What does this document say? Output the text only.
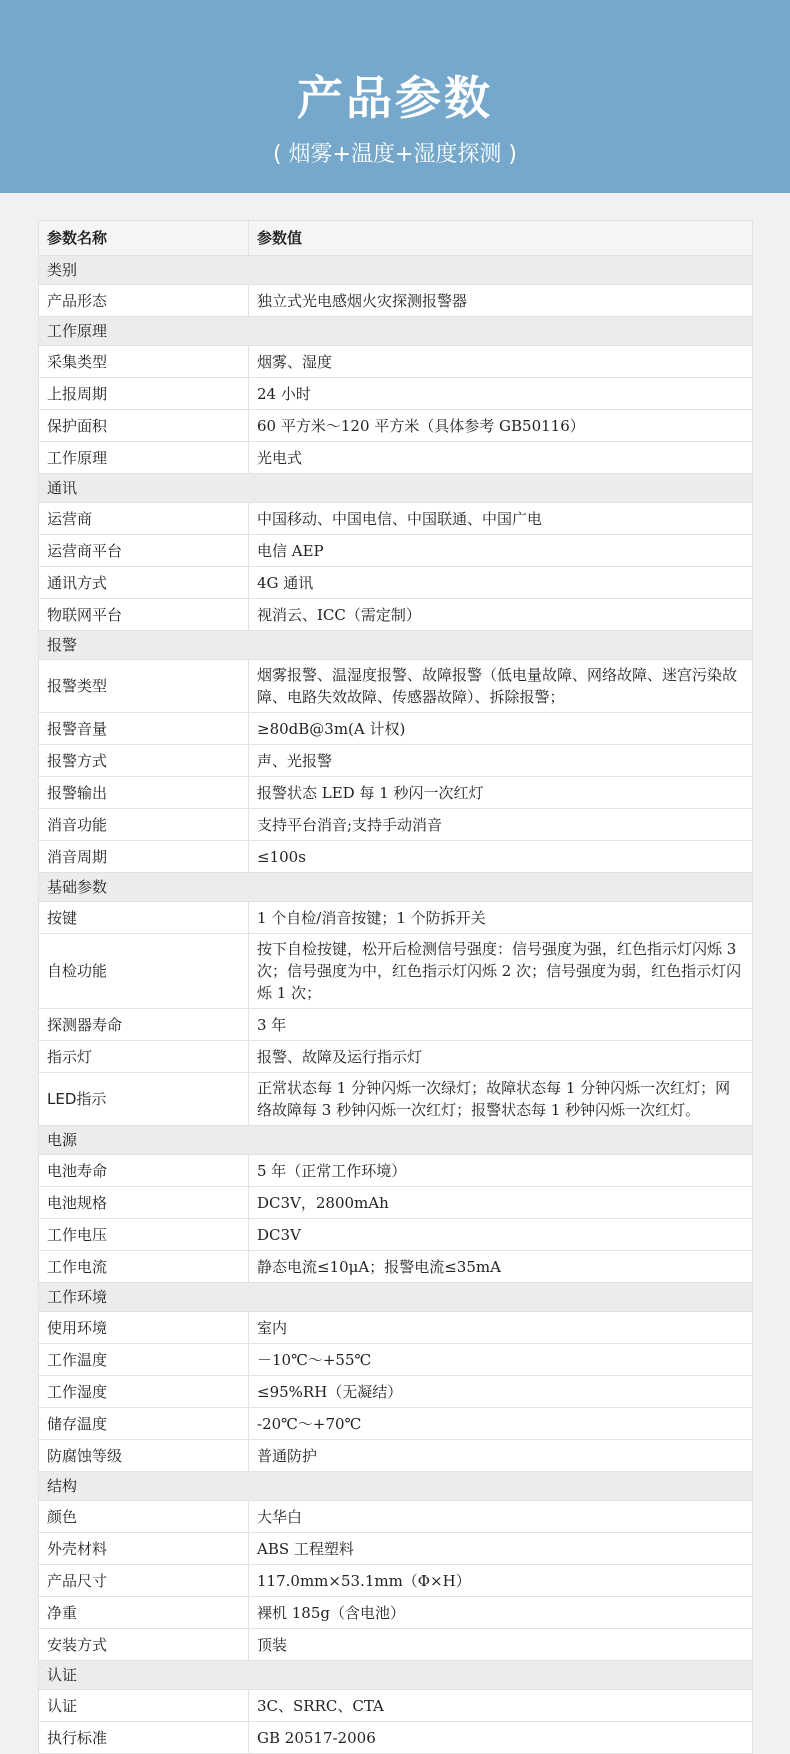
产品参数
( 烟雾+温度+湿度探测 )
参数名称	参数值
类别	
产品形态	独立式光电感烟火灾探测报警器
工作原理	
采集类型	烟雾、湿度
上报周期	24 小时
保护面积	60 平方米～120 平方米（具体参考 GB50116）
工作原理	光电式
通讯	
运营商	中国移动、中国电信、中国联通、中国广电
运营商平台	电信 AEP
通讯方式	4G 通讯
物联网平台	视消云、ICC（需定制）
报警	
报警类型	烟雾报警、温湿度报警、故障报警（低电量故障、网络故障、迷宫污染故障、电路失效故障、传感器故障）、拆除报警；
报警音量	≥80dB@3m(A 计权)
报警方式	声、光报警
报警输出	报警状态 LED 每 1 秒闪一次红灯
消音功能	支持平台消音;支持手动消音
消音周期	≤100s
基础参数	
按键	1 个自检/消音按键；1 个防拆开关
自检功能	按下自检按键，松开后检测信号强度：信号强度为强，红色指示灯闪烁 3 次；信号强度为中，红色指示灯闪烁 2 次；信号强度为弱，红色指示灯闪烁 1 次；
探测器寿命	3 年
指示灯	报警、故障及运行指示灯
LED指示	正常状态每 1 分钟闪烁一次绿灯；故障状态每 1 分钟闪烁一次红灯；网络故障每 3 秒钟闪烁一次红灯；报警状态每 1 秒钟闪烁一次红灯。
电源	
电池寿命	5 年（正常工作环境）
电池规格	DC3V，2800mAh
工作电压	DC3V
工作电流	静态电流≤10μA；报警电流≤35mA
工作环境	
使用环境	室内
工作温度	－10℃～+55℃
工作湿度	≤95%RH（无凝结）
储存温度	-20℃～+70℃
防腐蚀等级	普通防护
结构	
颜色	大华白
外壳材料	ABS 工程塑料
产品尺寸	117.0mm×53.1mm（Φ×H）
净重	裸机 185g（含电池）
安装方式	顶装
认证	
认证	3C、SRRC、CTA
执行标准	GB 20517-2006
